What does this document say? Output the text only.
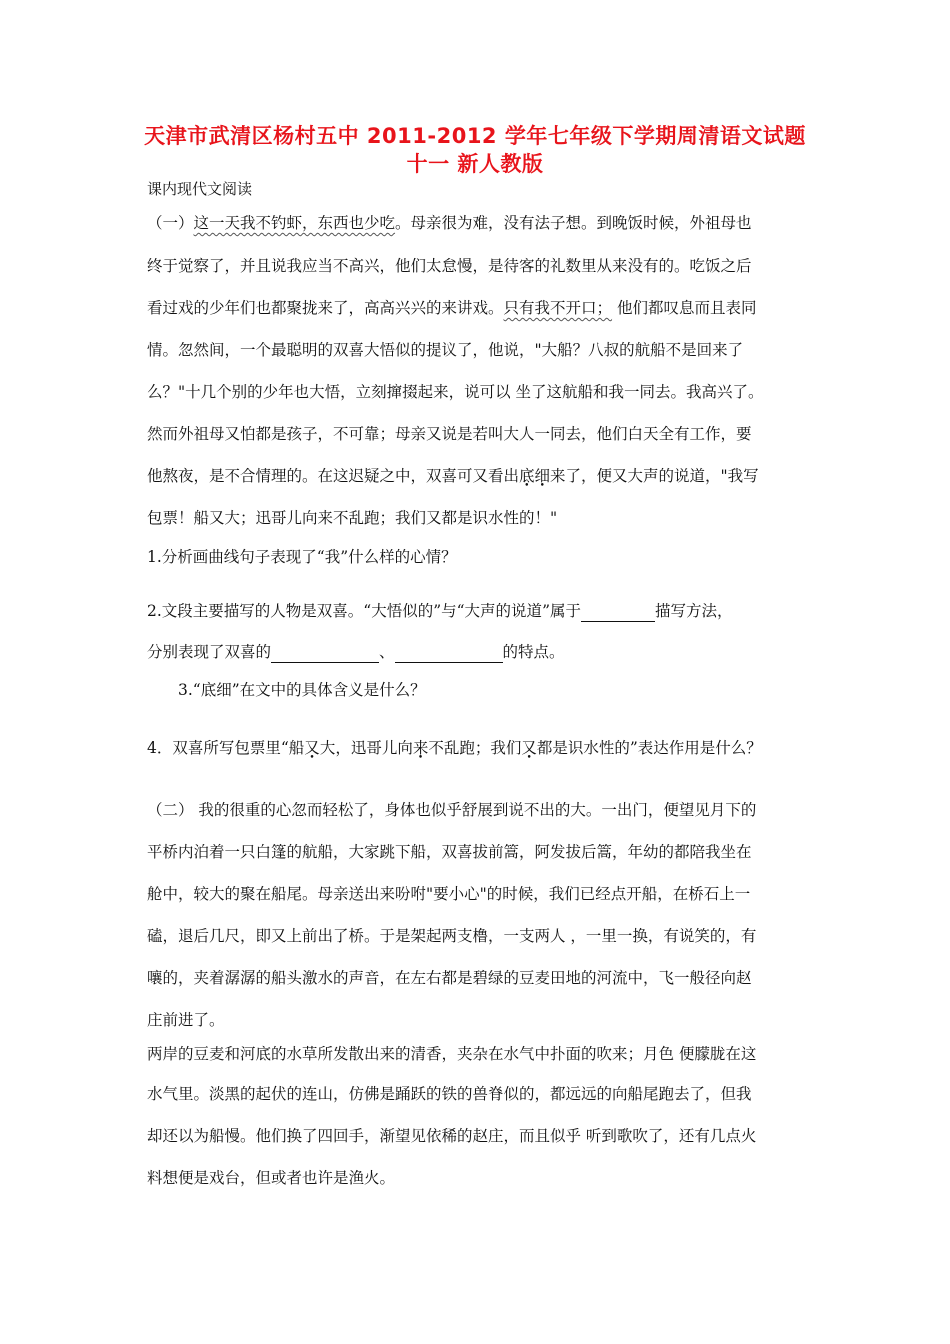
天津市武清区杨村五中 2011-2012 学年七年级下学期周清语文试题
十一 新人教版
课内现代文阅读
（一）这一天我不钓虾，东西也少吃。母亲很为难，没有法子想。到晚饭时候，外祖母也
终于觉察了，并且说我应当不高兴，他们太怠慢，是待客的礼数里从来没有的。吃饭之后
看过戏的少年们也都聚拢来了，高高兴兴的来讲戏。只有我不开口； 他们都叹息而且表同
情。忽然间，一个最聪明的双喜大悟似的提议了，他说，"大船？八叔的航船不是回来了
么？"十几个别的少年也大悟，立刻撺掇起来，说可以 坐了这航船和我一同去。我高兴了。
然而外祖母又怕都是孩子，不可靠；母亲又说是若叫大人一同去，他们白天全有工作，要
他熬夜，是不合情理的。在这迟疑之中，双喜可又看出底细来了，便又大声的说道，"我写
包票！船又大；迅哥儿向来不乱跑；我们又都是识水性的！"
1.分析画曲线句子表现了“我”什么样的心情？
2.文段主要描写的人物是双喜。“大悟似的”与“大声的说道”属于	描写方法，
分别表现了双喜的	、	的特点。
3.“底细”在文中的具体含义是什么？
4．双喜所写包票里“船又大，迅哥儿向来不乱跑；我们又都是识水性的”表达作用是什么？
（二） 我的很重的心忽而轻松了，身体也似乎舒展到说不出的大。一出门，便望见月下的
平桥内泊着一只白篷的航船，大家跳下船，双喜拔前篙，阿发拔后篙，年幼的都陪我坐在
舱中，较大的聚在船尾。母亲送出来吩咐"要小心"的时候，我们已经点开船，在桥石上一
磕，退后几尺，即又上前出了桥。于是架起两支橹，一支两人 ，一里一换，有说笑的，有
嚷的，夹着潺潺的船头激水的声音，在左右都是碧绿的豆麦田地的河流中，飞一般径向赵
庄前进了。
两岸的豆麦和河底的水草所发散出来的清香，夹杂在水气中扑面的吹来；月色 便朦胧在这
水气里。淡黑的起伏的连山，仿佛是踊跃的铁的兽脊似的，都远远的向船尾跑去了，但我
却还以为船慢。他们换了四回手，渐望见依稀的赵庄，而且似乎 听到歌吹了，还有几点火
料想便是戏台，但或者也许是渔火。
